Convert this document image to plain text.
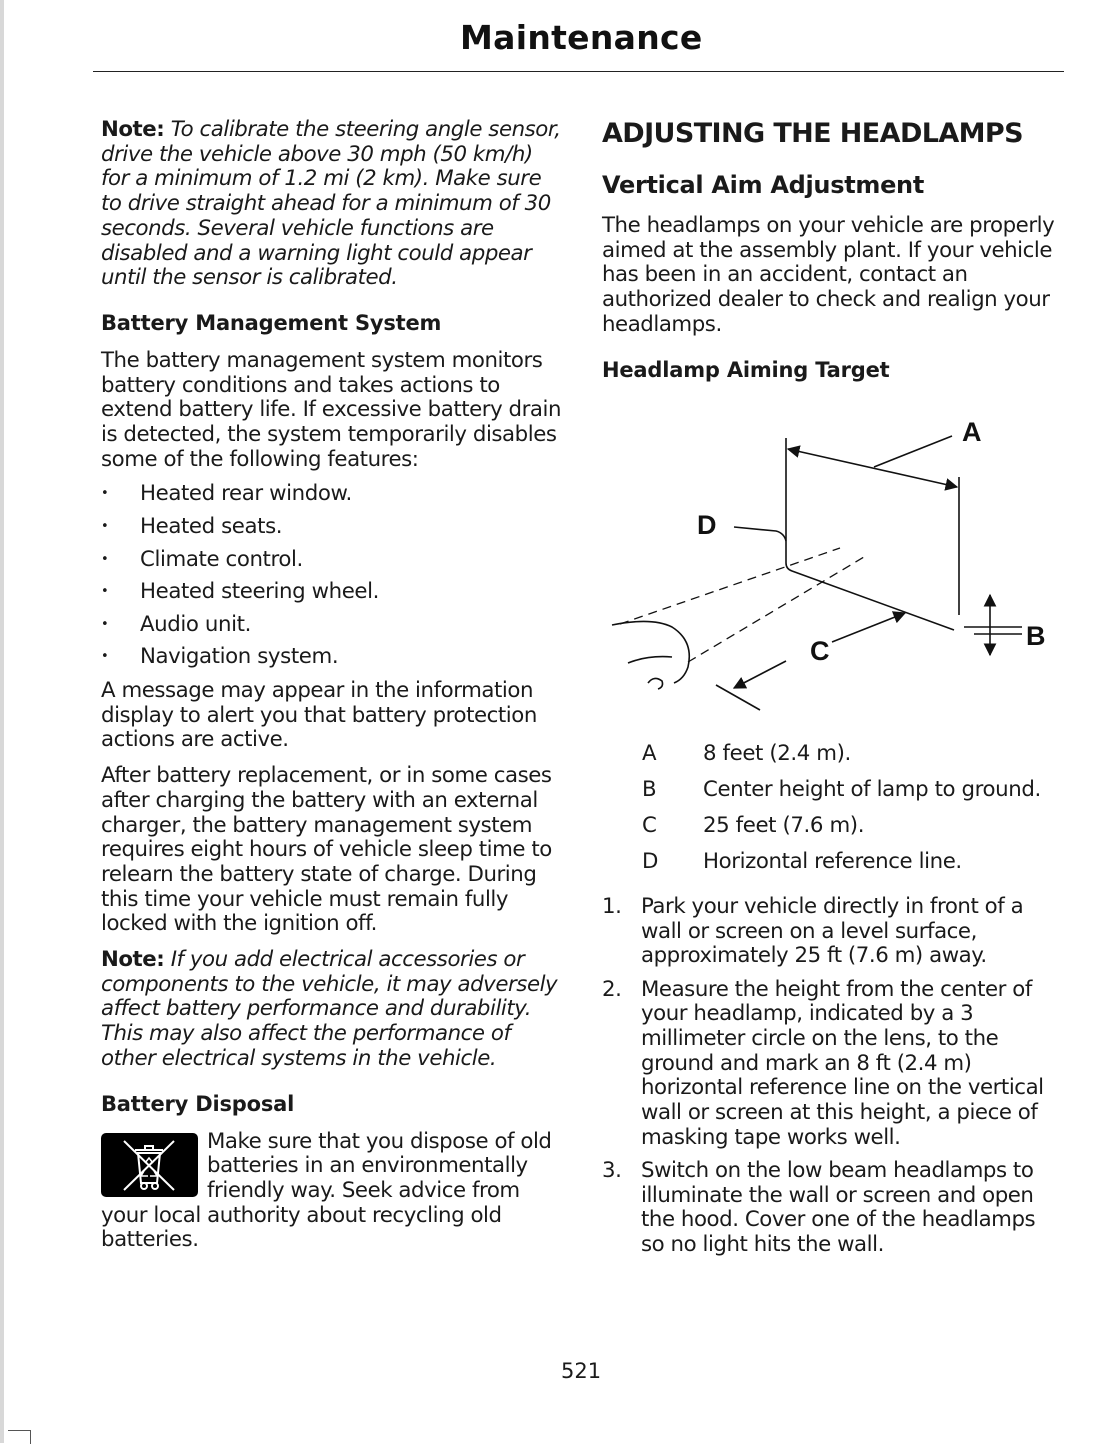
Maintenance

Note: To calibrate the steering angle sensor, drive the vehicle above 30 mph (50 km/h) for a minimum of 1.2 mi (2 km). Make sure to drive straight ahead for a minimum of 30 seconds. Several vehicle functions are disabled and a warning light could appear until the sensor is calibrated.

Battery Management System

The battery management system monitors battery conditions and takes actions to extend battery life. If excessive battery drain is detected, the system temporarily disables some of the following features:

• Heated rear window.
• Heated seats.
• Climate control.
• Heated steering wheel.
• Audio unit.
• Navigation system.

A message may appear in the information display to alert you that battery protection actions are active.

After battery replacement, or in some cases after charging the battery with an external charger, the battery management system requires eight hours of vehicle sleep time to relearn the battery state of charge. During this time your vehicle must remain fully locked with the ignition off.

Note: If you add electrical accessories or components to the vehicle, it may adversely affect battery performance and durability. This may also affect the performance of other electrical systems in the vehicle.

Battery Disposal

Make sure that you dispose of old batteries in an environmentally friendly way. Seek advice from your local authority about recycling old batteries.

ADJUSTING THE HEADLAMPS

Vertical Aim Adjustment

The headlamps on your vehicle are properly aimed at the assembly plant. If your vehicle has been in an accident, contact an authorized dealer to check and realign your headlamps.

Headlamp Aiming Target

A
B
C
D
A 8 feet (2.4 m).
B Center height of lamp to ground.
C 25 feet (7.6 m).
D Horizontal reference line.
1. Park your vehicle directly in front of a wall or screen on a level surface, approximately 25 ft (7.6 m) away.
2. Measure the height from the center of your headlamp, indicated by a 3 millimeter circle on the lens, to the ground and mark an 8 ft (2.4 m) horizontal reference line on the vertical wall or screen at this height, a piece of masking tape works well.
3. Switch on the low beam headlamps to illuminate the wall or screen and open the hood. Cover one of the headlamps so no light hits the wall.
521
